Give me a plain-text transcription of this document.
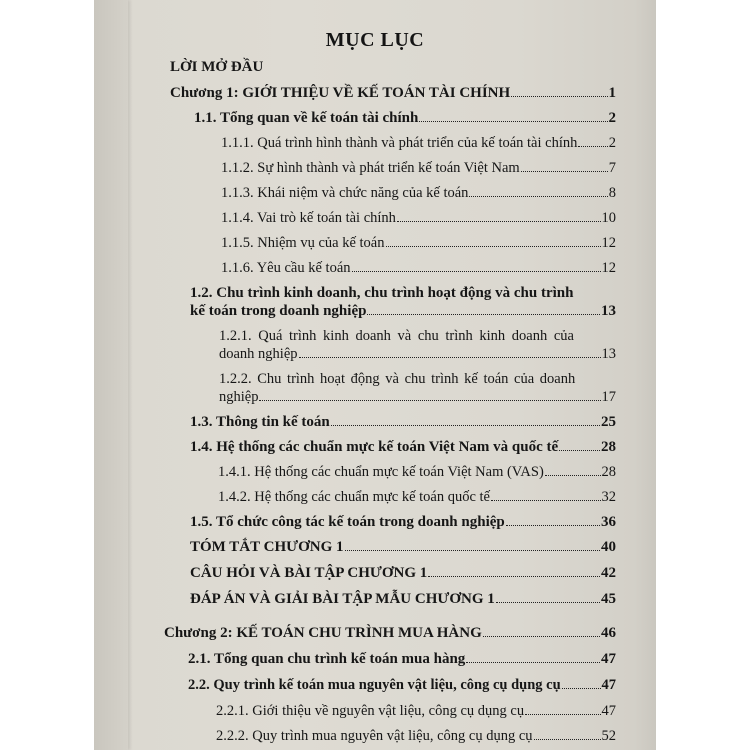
MỤC LỤC
LỜI MỞ ĐẦU
Chương 1: GIỚI THIỆU VỀ KẾ TOÁN TÀI CHÍNH	1
1.1. Tổng quan về kế toán tài chính	2
1.1.1. Quá trình hình thành và phát triển của kế toán tài chính 2
1.1.2. Sự hình thành và phát triển kế toán Việt Nam	7
1.1.3. Khái niệm và chức năng của kế toán	8
1.1.4. Vai trò kế toán tài chính	10
1.1.5. Nhiệm vụ của kế toán	12
1.1.6. Yêu cầu kế toán	12
1.2. Chu trình kinh doanh, chu trình hoạt động và chu trình
kế toán trong doanh nghiệp	13
1.2.1. Quá trình kinh doanh và chu trình kinh doanh của
doanh nghiệp	13
1.2.2. Chu trình hoạt động và chu trình kế toán của doanh
nghiệp	17
1.3. Thông tin kế toán	25
1.4. Hệ thống các chuẩn mực kế toán Việt Nam và quốc tế	28
1.4.1. Hệ thống các chuẩn mực kế toán Việt Nam (VAS)	28
1.4.2. Hệ thống các chuẩn mực kế toán quốc tế	32
1.5. Tổ chức công tác kế toán trong doanh nghiệp	36
TÓM TẮT CHƯƠNG 1	40
CÂU HỎI VÀ BÀI TẬP CHƯƠNG 1	42
ĐÁP ÁN VÀ GIẢI BÀI TẬP MẪU CHƯƠNG 1	45
Chương 2: KẾ TOÁN CHU TRÌNH MUA HÀNG	46
2.1. Tổng quan chu trình kế toán mua hàng	47
2.2. Quy trình kế toán mua nguyên vật liệu, công cụ dụng cụ	47
2.2.1. Giới thiệu về nguyên vật liệu, công cụ dụng cụ	47
2.2.2. Quy trình mua nguyên vật liệu, công cụ dụng cụ	52
